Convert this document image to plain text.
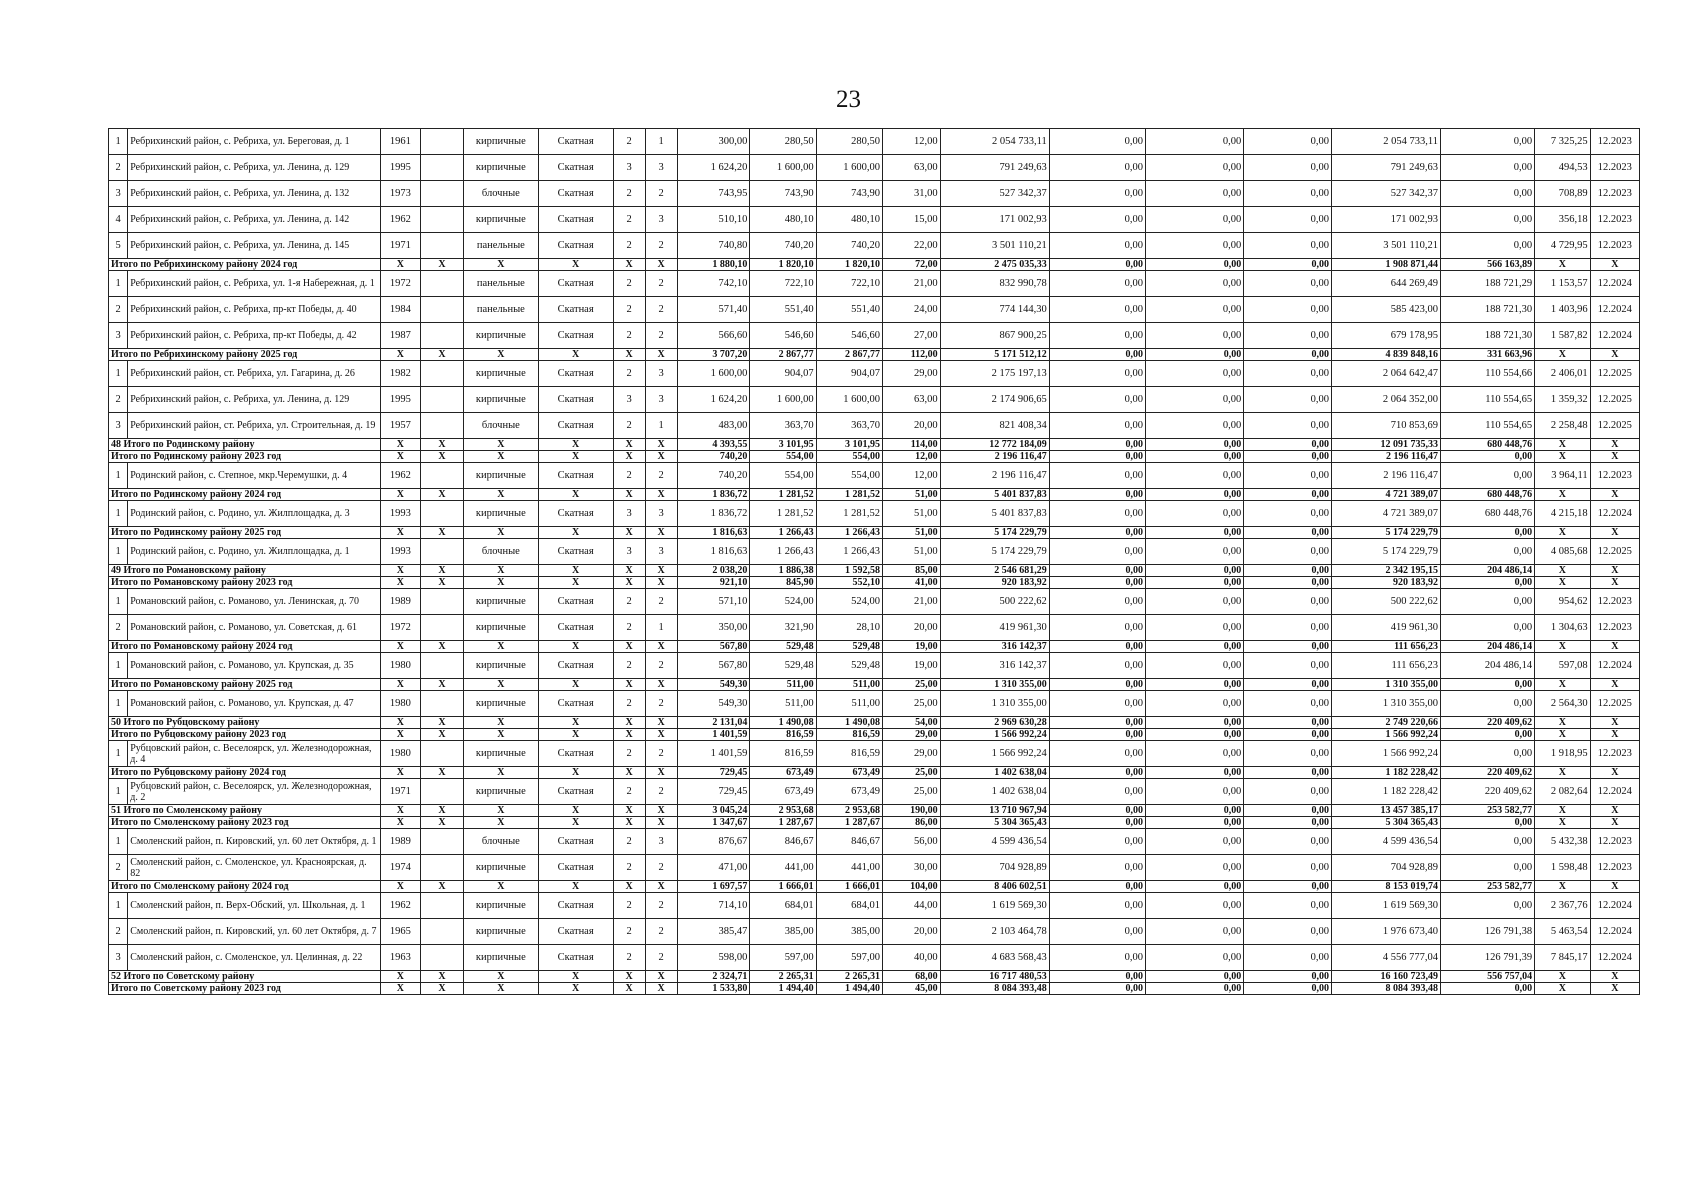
23
1	Ребрихинский район, с. Ребриха, ул. Береговая, д. 1	1961		кирпичные	Скатная	2	1	300,00	280,50	280,50	12,00	2 054 733,11	0,00	0,00	0,00	2 054 733,11	0,00	7 325,25	12.2023
2	Ребрихинский район, с. Ребриха, ул. Ленина, д. 129	1995		кирпичные	Скатная	3	3	1 624,20	1 600,00	1 600,00	63,00	791 249,63	0,00	0,00	0,00	791 249,63	0,00	494,53	12.2023
3	Ребрихинский район, с. Ребриха, ул. Ленина, д. 132	1973		блочные	Скатная	2	2	743,95	743,90	743,90	31,00	527 342,37	0,00	0,00	0,00	527 342,37	0,00	708,89	12.2023
4	Ребрихинский район, с. Ребриха, ул. Ленина, д. 142	1962		кирпичные	Скатная	2	3	510,10	480,10	480,10	15,00	171 002,93	0,00	0,00	0,00	171 002,93	0,00	356,18	12.2023
5	Ребрихинский район, с. Ребриха, ул. Ленина, д. 145	1971		панельные	Скатная	2	2	740,80	740,20	740,20	22,00	3 501 110,21	0,00	0,00	0,00	3 501 110,21	0,00	4 729,95	12.2023
Итого по Ребрихинскому району 2024 год		X	X	X	X	X	X	1 880,10	1 820,10	1 820,10	72,00	2 475 035,33	0,00	0,00	0,00	1 908 871,44	566 163,89	X	X
1	Ребрихинский район, с. Ребриха, ул. 1-я Набережная, д. 1	1972		панельные	Скатная	2	2	742,10	722,10	722,10	21,00	832 990,78	0,00	0,00	0,00	644 269,49	188 721,29	1 153,57	12.2024
2	Ребрихинский район, с. Ребриха, пр-кт Победы, д. 40	1984		панельные	Скатная	2	2	571,40	551,40	551,40	24,00	774 144,30	0,00	0,00	0,00	585 423,00	188 721,30	1 403,96	12.2024
3	Ребрихинский район, с. Ребриха, пр-кт Победы, д. 42	1987		кирпичные	Скатная	2	2	566,60	546,60	546,60	27,00	867 900,25	0,00	0,00	0,00	679 178,95	188 721,30	1 587,82	12.2024
Итого по Ребрихинскому району 2025 год		X	X	X	X	X	X	3 707,20	2 867,77	2 867,77	112,00	5 171 512,12	0,00	0,00	0,00	4 839 848,16	331 663,96	X	X
1	Ребрихинский район, ст. Ребриха, ул. Гагарина, д. 26	1982		кирпичные	Скатная	2	3	1 600,00	904,07	904,07	29,00	2 175 197,13	0,00	0,00	0,00	2 064 642,47	110 554,66	2 406,01	12.2025
2	Ребрихинский район, с. Ребриха, ул. Ленина, д. 129	1995		кирпичные	Скатная	3	3	1 624,20	1 600,00	1 600,00	63,00	2 174 906,65	0,00	0,00	0,00	2 064 352,00	110 554,65	1 359,32	12.2025
3	Ребрихинский район, ст. Ребриха, ул. Строительная, д. 19	1957		блочные	Скатная	2	1	483,00	363,70	363,70	20,00	821 408,34	0,00	0,00	0,00	710 853,69	110 554,65	2 258,48	12.2025
48 Итого по Родинскому району		X	X	X	X	X	X	4 393,55	3 101,95	3 101,95	114,00	12 772 184,09	0,00	0,00	0,00	12 091 735,33	680 448,76	X	X
Итого по Родинскому району 2023 год		X	X	X	X	X	X	740,20	554,00	554,00	12,00	2 196 116,47	0,00	0,00	0,00	2 196 116,47	0,00	X	X
1	Родинский район, с. Степное, мкр.Черемушки, д. 4	1962		кирпичные	Скатная	2	2	740,20	554,00	554,00	12,00	2 196 116,47	0,00	0,00	0,00	2 196 116,47	0,00	3 964,11	12.2023
Итого по Родинскому району 2024 год		X	X	X	X	X	X	1 836,72	1 281,52	1 281,52	51,00	5 401 837,83	0,00	0,00	0,00	4 721 389,07	680 448,76	X	X
1	Родинский район, с. Родино, ул. Жилплощадка, д. 3	1993		кирпичные	Скатная	3	3	1 836,72	1 281,52	1 281,52	51,00	5 401 837,83	0,00	0,00	0,00	4 721 389,07	680 448,76	4 215,18	12.2024
Итого по Родинскому району 2025 год		X	X	X	X	X	X	1 816,63	1 266,43	1 266,43	51,00	5 174 229,79	0,00	0,00	0,00	5 174 229,79	0,00	X	X
1	Родинский район, с. Родино, ул. Жилплощадка, д. 1	1993		блочные	Скатная	3	3	1 816,63	1 266,43	1 266,43	51,00	5 174 229,79	0,00	0,00	0,00	5 174 229,79	0,00	4 085,68	12.2025
49 Итого по Романовскому району		X	X	X	X	X	X	2 038,20	1 886,38	1 592,58	85,00	2 546 681,29	0,00	0,00	0,00	2 342 195,15	204 486,14	X	X
Итого по Романовскому району 2023 год		X	X	X	X	X	X	921,10	845,90	552,10	41,00	920 183,92	0,00	0,00	0,00	920 183,92	0,00	X	X
1	Романовский район, с. Романово, ул. Ленинская, д. 70	1989		кирпичные	Скатная	2	2	571,10	524,00	524,00	21,00	500 222,62	0,00	0,00	0,00	500 222,62	0,00	954,62	12.2023
2	Романовский район, с. Романово, ул. Советская, д. 61	1972		кирпичные	Скатная	2	1	350,00	321,90	28,10	20,00	419 961,30	0,00	0,00	0,00	419 961,30	0,00	1 304,63	12.2023
Итого по Романовскому району 2024 год		X	X	X	X	X	X	567,80	529,48	529,48	19,00	316 142,37	0,00	0,00	0,00	111 656,23	204 486,14	X	X
1	Романовский район, с. Романово, ул. Крупская, д. 35	1980		кирпичные	Скатная	2	2	567,80	529,48	529,48	19,00	316 142,37	0,00	0,00	0,00	111 656,23	204 486,14	597,08	12.2024
Итого по Романовскому району 2025 год		X	X	X	X	X	X	549,30	511,00	511,00	25,00	1 310 355,00	0,00	0,00	0,00	1 310 355,00	0,00	X	X
1	Романовский район, с. Романово, ул. Крупская, д. 47	1980		кирпичные	Скатная	2	2	549,30	511,00	511,00	25,00	1 310 355,00	0,00	0,00	0,00	1 310 355,00	0,00	2 564,30	12.2025
50 Итого по Рубцовскому району		X	X	X	X	X	X	2 131,04	1 490,08	1 490,08	54,00	2 969 630,28	0,00	0,00	0,00	2 749 220,66	220 409,62	X	X
Итого по Рубцовскому району 2023 год		X	X	X	X	X	X	1 401,59	816,59	816,59	29,00	1 566 992,24	0,00	0,00	0,00	1 566 992,24	0,00	X	X
1	Рубцовский район, с. Веселоярск, ул. Железнодорожная, д. 4	1980		кирпичные	Скатная	2	2	1 401,59	816,59	816,59	29,00	1 566 992,24	0,00	0,00	0,00	1 566 992,24	0,00	1 918,95	12.2023
Итого по Рубцовскому району 2024 год		X	X	X	X	X	X	729,45	673,49	673,49	25,00	1 402 638,04	0,00	0,00	0,00	1 182 228,42	220 409,62	X	X
1	Рубцовский район, с. Веселоярск, ул. Железнодорожная, д. 2	1971		кирпичные	Скатная	2	2	729,45	673,49	673,49	25,00	1 402 638,04	0,00	0,00	0,00	1 182 228,42	220 409,62	2 082,64	12.2024
51 Итого по Смоленскому району		X	X	X	X	X	X	3 045,24	2 953,68	2 953,68	190,00	13 710 967,94	0,00	0,00	0,00	13 457 385,17	253 582,77	X	X
Итого по Смоленскому району 2023 год		X	X	X	X	X	X	1 347,67	1 287,67	1 287,67	86,00	5 304 365,43	0,00	0,00	0,00	5 304 365,43	0,00	X	X
1	Смоленский район, п. Кировский, ул. 60 лет Октября, д. 1	1989		блочные	Скатная	2	3	876,67	846,67	846,67	56,00	4 599 436,54	0,00	0,00	0,00	4 599 436,54	0,00	5 432,38	12.2023
2	Смоленский район, с. Смоленское, ул. Красноярская, д. 82	1974		кирпичные	Скатная	2	2	471,00	441,00	441,00	30,00	704 928,89	0,00	0,00	0,00	704 928,89	0,00	1 598,48	12.2023
Итого по Смоленскому району 2024 год		X	X	X	X	X	X	1 697,57	1 666,01	1 666,01	104,00	8 406 602,51	0,00	0,00	0,00	8 153 019,74	253 582,77	X	X
1	Смоленский район, п. Верх-Обский, ул. Школьная, д. 1	1962		кирпичные	Скатная	2	2	714,10	684,01	684,01	44,00	1 619 569,30	0,00	0,00	0,00	1 619 569,30	0,00	2 367,76	12.2024
2	Смоленский район, п. Кировский, ул. 60 лет Октября, д. 7	1965		кирпичные	Скатная	2	2	385,47	385,00	385,00	20,00	2 103 464,78	0,00	0,00	0,00	1 976 673,40	126 791,38	5 463,54	12.2024
3	Смоленский район, с. Смоленское, ул. Целинная, д. 22	1963		кирпичные	Скатная	2	2	598,00	597,00	597,00	40,00	4 683 568,43	0,00	0,00	0,00	4 556 777,04	126 791,39	7 845,17	12.2024
52 Итого по Советскому району		X	X	X	X	X	X	2 324,71	2 265,31	2 265,31	68,00	16 717 480,53	0,00	0,00	0,00	16 160 723,49	556 757,04	X	X
Итого по Советскому району 2023 год		X	X	X	X	X	X	1 533,80	1 494,40	1 494,40	45,00	8 084 393,48	0,00	0,00	0,00	8 084 393,48	0,00	X	X
